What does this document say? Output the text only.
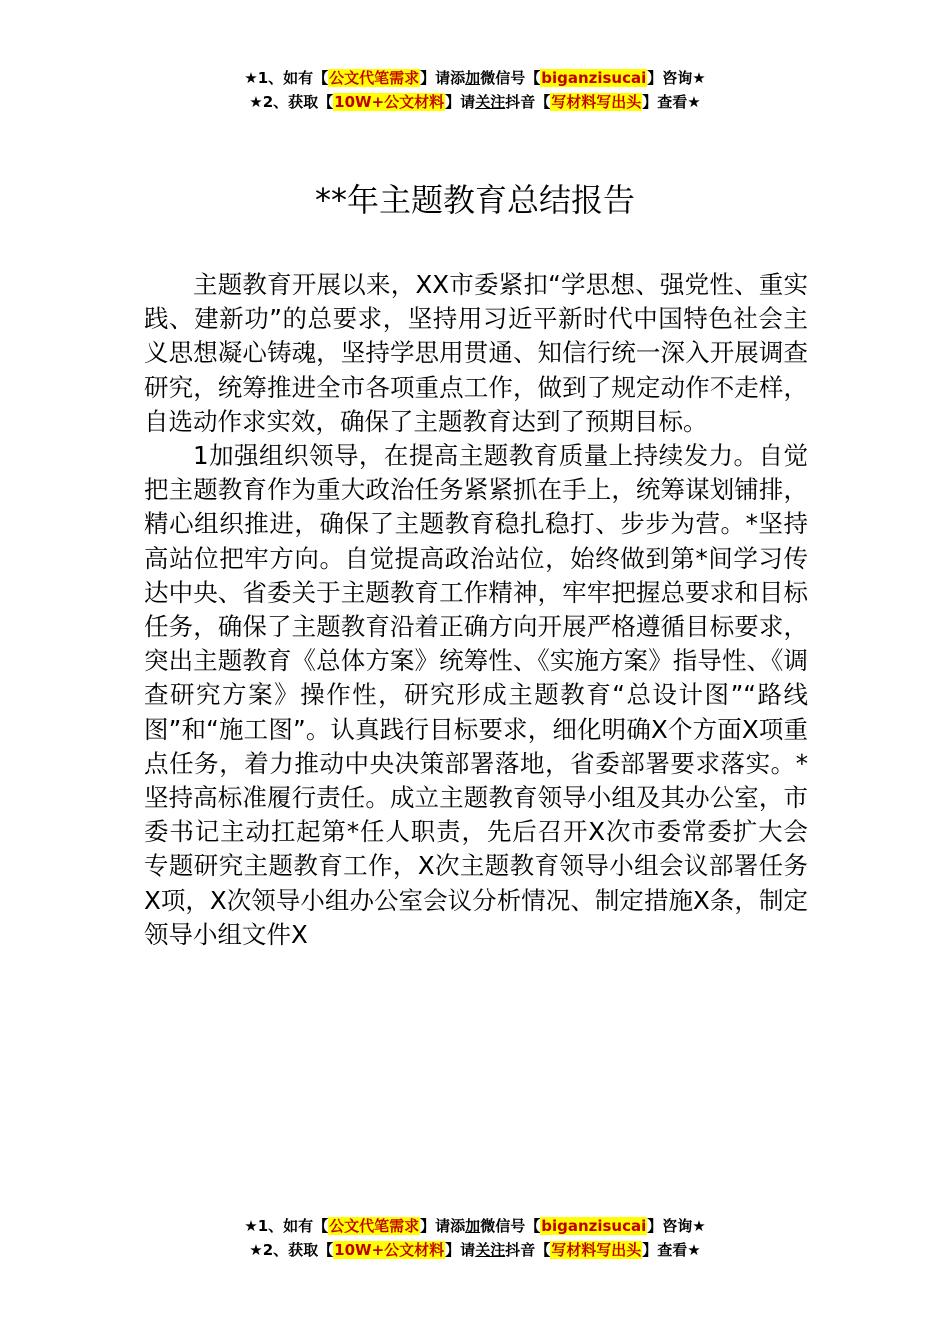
★1、如有【公文代笔需求】请添加微信号【biganzisucai】咨询★
★2、获取【10W+公文材料】请关注抖音【写材料写出头】查看★
**年主题教育总结报告

主题教育开展以来，XX市委紧扣“学思想、强党性、重实践、建新功”的总要求，坚持用习近平新时代中国特色社会主义思想凝心铸魂，坚持学思用贯通、知信行统一深入开展调查研究，统筹推进全市各项重点工作，做到了规定动作不走样，自选动作求实效，确保了主题教育达到了预期目标。

1加强组织领导，在提高主题教育质量上持续发力。自觉把主题教育作为重大政治任务紧紧抓在手上，统筹谋划铺排，精心组织推进，确保了主题教育稳扎稳打、步步为营。*坚持高站位把牢方向。自觉提高政治站位，始终做到第*间学习传达中央、省委关于主题教育工作精神，牢牢把握总要求和目标任务，确保了主题教育沿着正确方向开展严格遵循目标要求，突出主题教育《总体方案》统筹性、《实施方案》指导性、《调查研究方案》操作性，研究形成主题教育“总设计图”“路线图”和“施工图”。认真践行目标要求，细化明确X个方面X项重点任务，着力推动中央决策部署落地，省委部署要求落实。*坚持高标准履行责任。成立主题教育领导小组及其办公室，市委书记主动扛起第*任人职责，先后召开X次市委常委扩大会专题研究主题教育工作，X次主题教育领导小组会议部署任务X项，X次领导小组办公室会议分析情况、制定措施X条，制定领导小组文件X

★1、如有【公文代笔需求】请添加微信号【biganzisucai】咨询★
★2、获取【10W+公文材料】请关注抖音【写材料写出头】查看★
